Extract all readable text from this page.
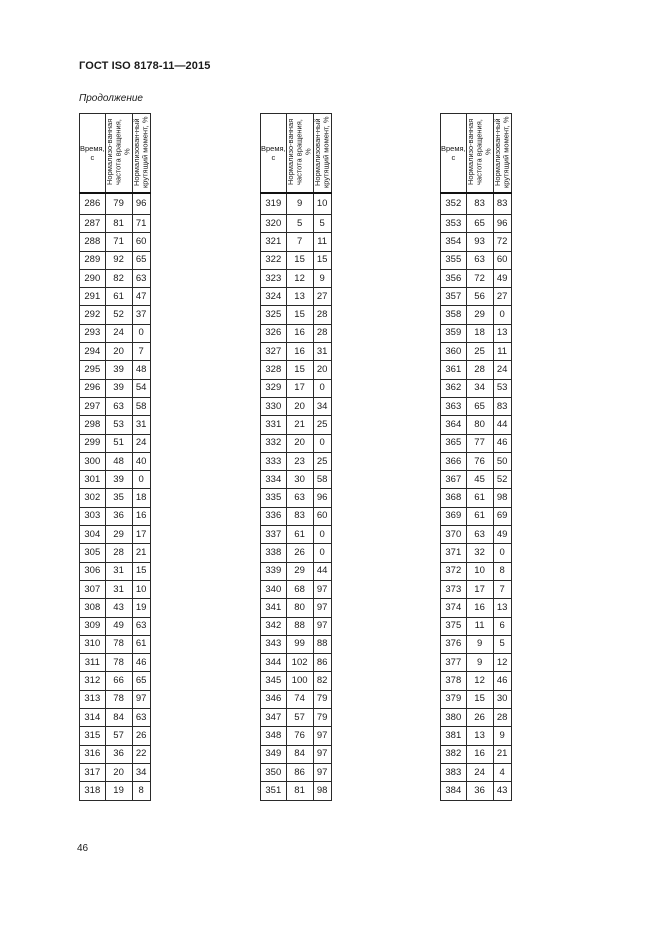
ГОСТ ISO 8178-11—2015
Продолжение
Время, с	Нормализо-ванная частота вращения, %	Нормализован-ный крутящий момент, %
286	79	96
287	81	71
288	71	60
289	92	65
290	82	63
291	61	47
292	52	37
293	24	0
294	20	7
295	39	48
296	39	54
297	63	58
298	53	31
299	51	24
300	48	40
301	39	0
302	35	18
303	36	16
304	29	17
305	28	21
306	31	15
307	31	10
308	43	19
309	49	63
310	78	61
311	78	46
312	66	65
313	78	97
314	84	63
315	57	26
316	36	22
317	20	34
318	19	8
Время, с	Нормализо-ванная частота вращения, %	Нормализован-ный крутящий момент, %
319	9	10
320	5	5
321	7	11
322	15	15
323	12	9
324	13	27
325	15	28
326	16	28
327	16	31
328	15	20
329	17	0
330	20	34
331	21	25
332	20	0
333	23	25
334	30	58
335	63	96
336	83	60
337	61	0
338	26	0
339	29	44
340	68	97
341	80	97
342	88	97
343	99	88
344	102	86
345	100	82
346	74	79
347	57	79
348	76	97
349	84	97
350	86	97
351	81	98
Время, с	Нормализо-ванная частота вращения, %	Нормализован-ный крутящий момент, %
352	83	83
353	65	96
354	93	72
355	63	60
356	72	49
357	56	27
358	29	0
359	18	13
360	25	11
361	28	24
362	34	53
363	65	83
364	80	44
365	77	46
366	76	50
367	45	52
368	61	98
369	61	69
370	63	49
371	32	0
372	10	8
373	17	7
374	16	13
375	11	6
376	9	5
377	9	12
378	12	46
379	15	30
380	26	28
381	13	9
382	16	21
383	24	4
384	36	43
46
